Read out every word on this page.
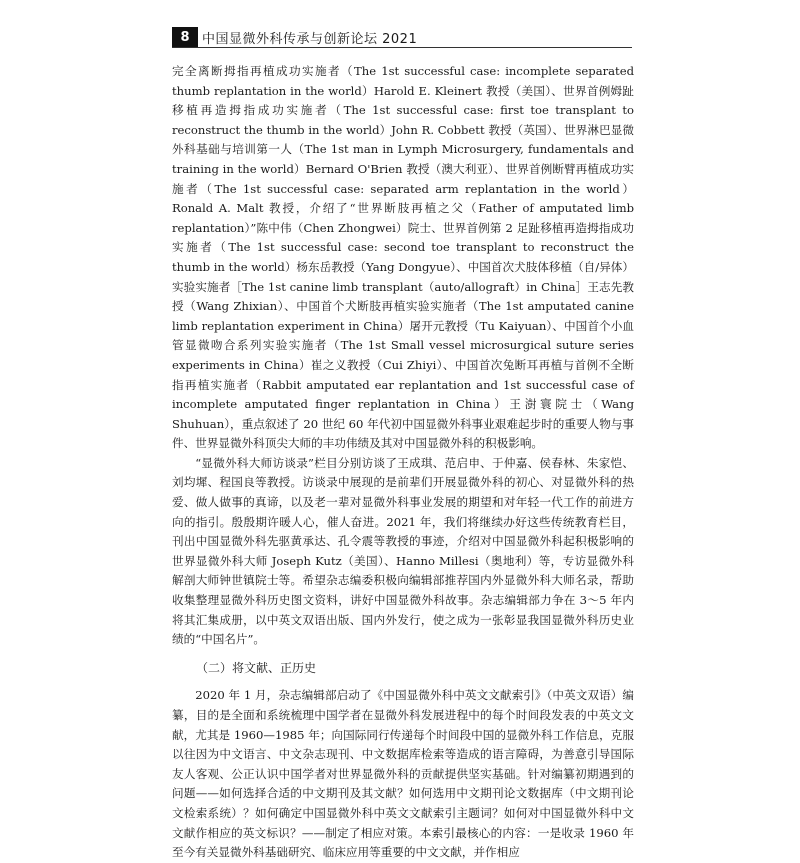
8 中国显微外科传承与创新论坛 2021

完全离断拇指再植成功实施者（The 1st successful case: incomplete separated thumb replantation in the world）Harold E. Kleinert 教授（美国）、世界首例姆趾移植再造拇指成功实施者（The 1st successful case: first toe transplant to reconstruct the thumb in the world）John R. Cobbett 教授（英国）、世界淋巴显微外科基础与培训第一人（The 1st man in Lymph Microsurgery, fundamentals and training in the world）Bernard O'Brien 教授（澳大利亚）、世界首例断臂再植成功实施者（The 1st successful case: separated arm replantation in the world）Ronald A. Malt 教授，介绍了“世界断肢再植之父（Father of amputated limb replantation）”陈中伟（Chen Zhongwei）院士、世界首例第 2 足趾移植再造拇指成功实施者（The 1st successful case: second toe transplant to reconstruct the thumb in the world）杨东岳教授（Yang Dongyue）、中国首次犬肢体移植（自/异体）实验实施者［The 1st canine limb transplant（auto/allograft）in China］王志先教授（Wang Zhixian）、中国首个犬断肢再植实验实施者（The 1st amputated canine limb replantation experiment in China）屠开元教授（Tu Kaiyuan）、中国首个小血管显微吻合系列实验实施者（The 1st Small vessel microsurgical suture series experiments in China）崔之义教授（Cui Zhiyi）、中国首次兔断耳再植与首例不全断指再植实施者（Rabbit amputated ear replantation and 1st successful case of incomplete amputated finger replantation in China）王澍寰院士（Wang Shuhuan），重点叙述了 20 世纪 60 年代初中国显微外科事业艰难起步时的重要人物与事件、世界显微外科顶尖大师的丰功伟绩及其对中国显微外科的积极影响。

“显微外科大师访谈录”栏目分别访谈了王成琪、范启申、于仲嘉、侯春林、朱家恺、刘均墀、程国良等教授。访谈录中展现的是前辈们开展显微外科的初心、对显微外科的热爱、做人做事的真谛，以及老一辈对显微外科事业发展的期望和对年轻一代工作的前进方向的指引。殷殷期许暖人心，催人奋进。2021 年，我们将继续办好这些传统教育栏目，刊出中国显微外科先驱黄承达、孔令震等教授的事迹，介绍对中国显微外科起积极影响的世界显微外科大师 Joseph Kutz（美国）、Hanno Millesi（奥地利）等，专访显微外科解剖大师钟世镇院士等。希望杂志编委积极向编辑部推荐国内外显微外科大师名录，帮助收集整理显微外科历史图文资料，讲好中国显微外科故事。杂志编辑部力争在 3～5 年内将其汇集成册，以中英文双语出版、国内外发行，使之成为一张彰显我国显微外科历史业绩的“中国名片”。

（二）将文献、正历史

2020 年 1 月，杂志编辑部启动了《中国显微外科中英文文献索引》（中英文双语）编纂，目的是全面和系统梳理中国学者在显微外科发展进程中的每个时间段发表的中英文文献，尤其是 1960—1985 年；向国际同行传递每个时间段中国的显微外科工作信息，克服以往因为中文语言、中文杂志现刊、中文数据库检索等造成的语言障碍，为善意引导国际友人客观、公正认识中国学者对世界显微外科的贡献提供坚实基础。针对编纂初期遇到的问题——如何选择合适的中文期刊及其文献？如何选用中文期刊论文数据库（中文期刊论文检索系统）？如何确定中国显微外科中英文文献索引主题词？如何对中国显微外科中文文献作相应的英文标识？——制定了相应对策。本索引最核心的内容：一是收录 1960 年至今有关显微外科基础研究、临床应用等重要的中文文献，并作相应
